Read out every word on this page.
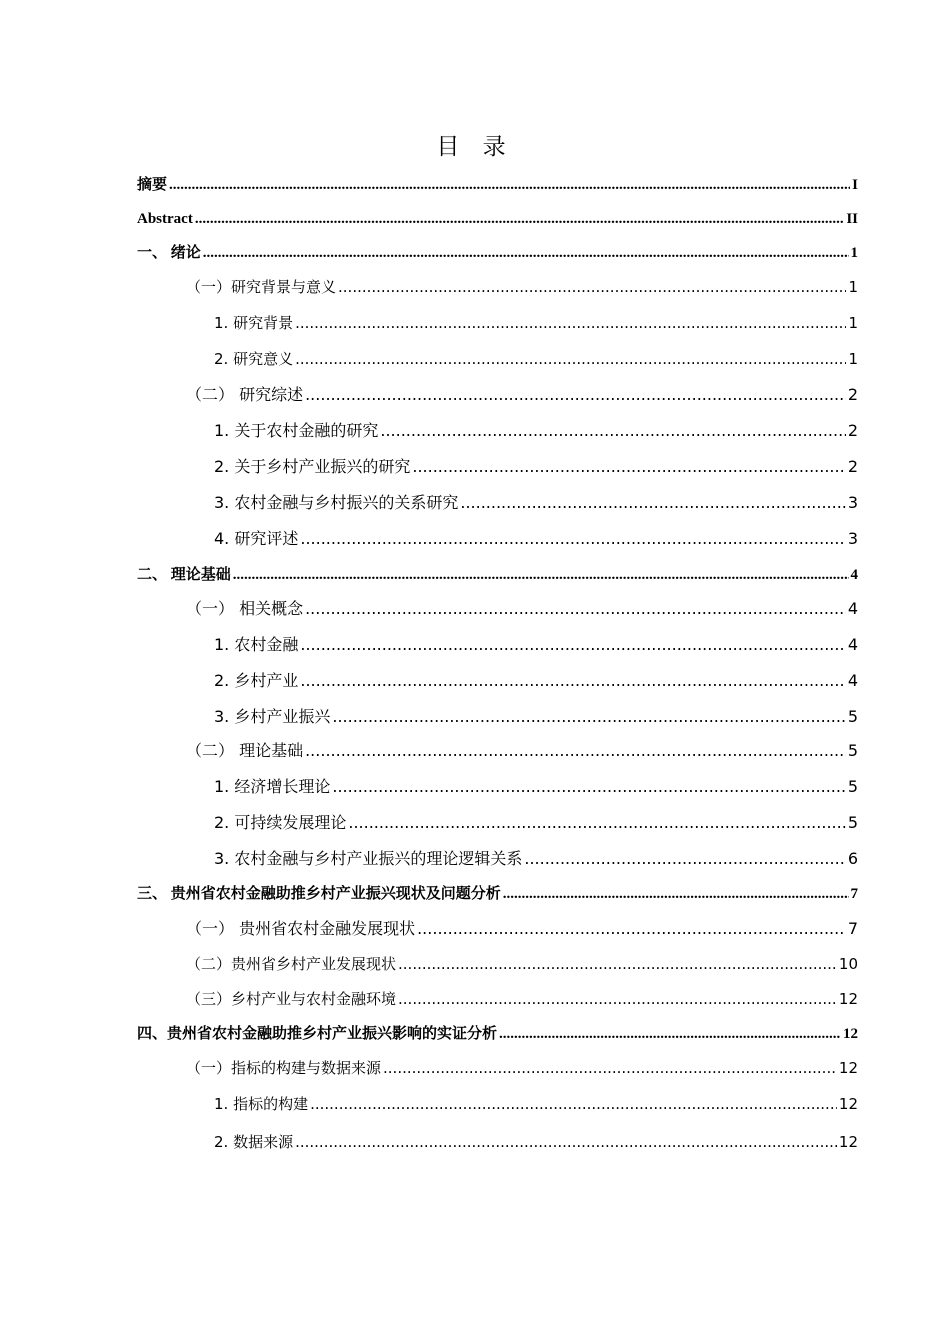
目 录
摘要 .....	I
Abstract .....	II
一、 绪论 .....	1
（一）研究背景与意义 .....	1
1. 研究背景 .....	1
2. 研究意义 .....	1
（二） 研究综述 .....	2
1. 关于农村金融的研究 .....	2
2. 关于乡村产业振兴的研究 .....	2
3. 农村金融与乡村振兴的关系研究 .....	3
4. 研究评述 .....	3
二、 理论基础 .....	4
（一） 相关概念 .....	4
1. 农村金融 .....	4
2. 乡村产业 .....	4
3. 乡村产业振兴 .....	5
（二） 理论基础 .....	5
1. 经济增长理论 .....	5
2. 可持续发展理论 .....	5
3. 农村金融与乡村产业振兴的理论逻辑关系 .....	6
三、 贵州省农村金融助推乡村产业振兴现状及问题分析 .....	7
（一） 贵州省农村金融发展现状 .....	7
（二）贵州省乡村产业发展现状 .....	10
（三）乡村产业与农村金融环境 .....	12
四、贵州省农村金融助推乡村产业振兴影响的实证分析 .....	12
（一）指标的构建与数据来源 .....	12
1. 指标的构建 .....	12
2. 数据来源 .....	12
